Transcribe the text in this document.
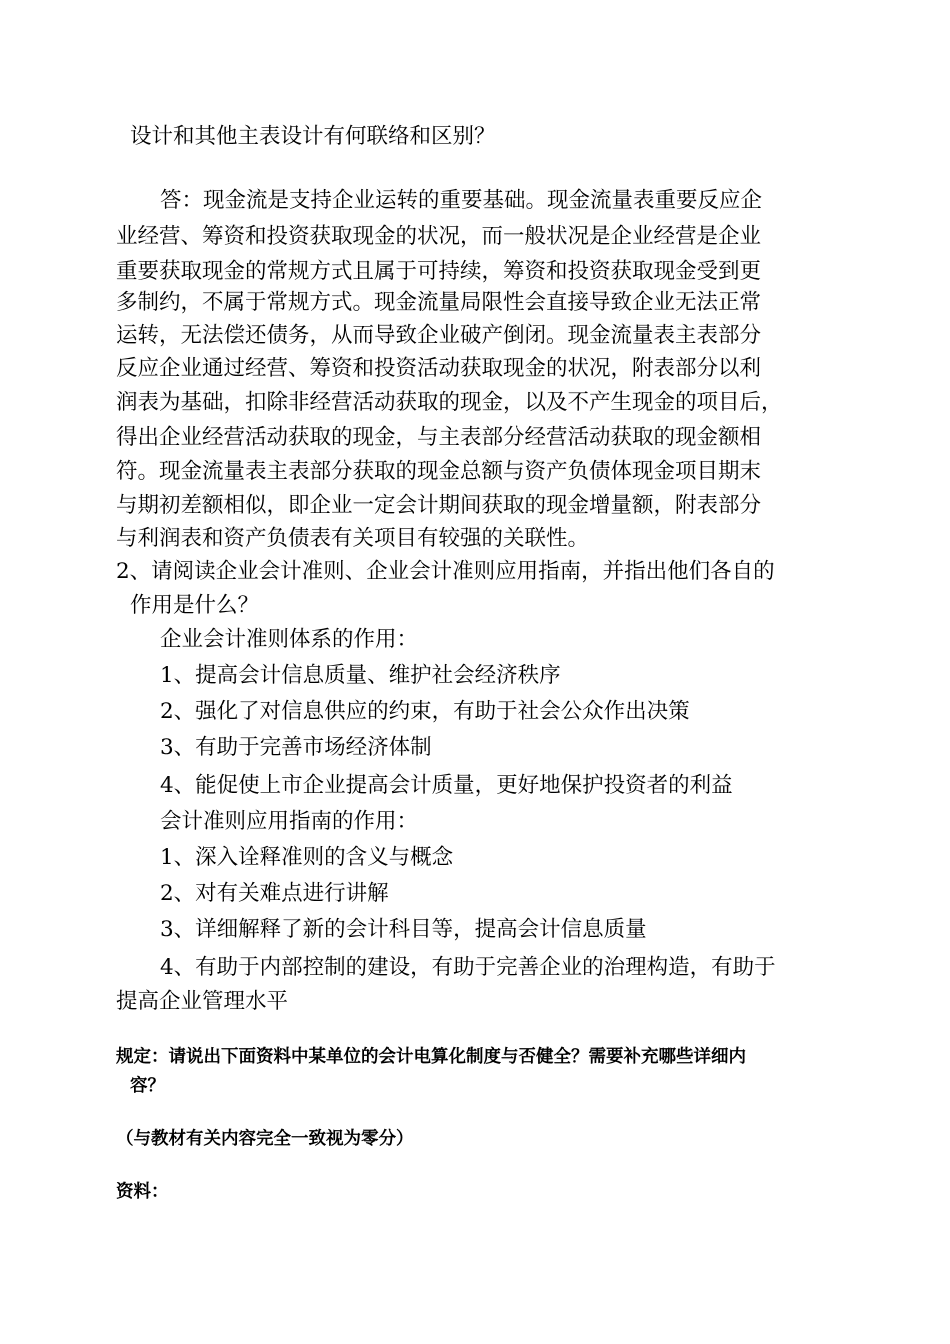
设计和其他主表设计有何联络和区别？

答：现金流是支持企业运转的重要基础。现金流量表重要反应企

业经营、筹资和投资获取现金的状况，而一般状况是企业经营是企业

重要获取现金的常规方式且属于可持续，筹资和投资获取现金受到更

多制约，不属于常规方式。现金流量局限性会直接导致企业无法正常

运转，无法偿还债务，从而导致企业破产倒闭。现金流量表主表部分

反应企业通过经营、筹资和投资活动获取现金的状况，附表部分以利

润表为基础，扣除非经营活动获取的现金，以及不产生现金的项目后，

得出企业经营活动获取的现金，与主表部分经营活动获取的现金额相

符。现金流量表主表部分获取的现金总额与资产负债体现金项目期末

与期初差额相似，即企业一定会计期间获取的现金增量额，附表部分

与利润表和资产负债表有关项目有较强的关联性。

2、请阅读企业会计准则、企业会计准则应用指南，并指出他们各自的

作用是什么？

企业会计准则体系的作用：

1、提高会计信息质量、维护社会经济秩序

2、强化了对信息供应的约束，有助于社会公众作出决策

3、有助于完善市场经济体制

4、能促使上市企业提高会计质量，更好地保护投资者的利益

会计准则应用指南的作用：

1、深入诠释准则的含义与概念

2、对有关难点进行讲解

3、详细解释了新的会计科目等，提高会计信息质量

4、有助于内部控制的建设，有助于完善企业的治理构造，有助于

提高企业管理水平

规定：请说出下面资料中某单位的会计电算化制度与否健全？需要补充哪些详细内

容？

（与教材有关内容完全一致视为零分）

资料：
